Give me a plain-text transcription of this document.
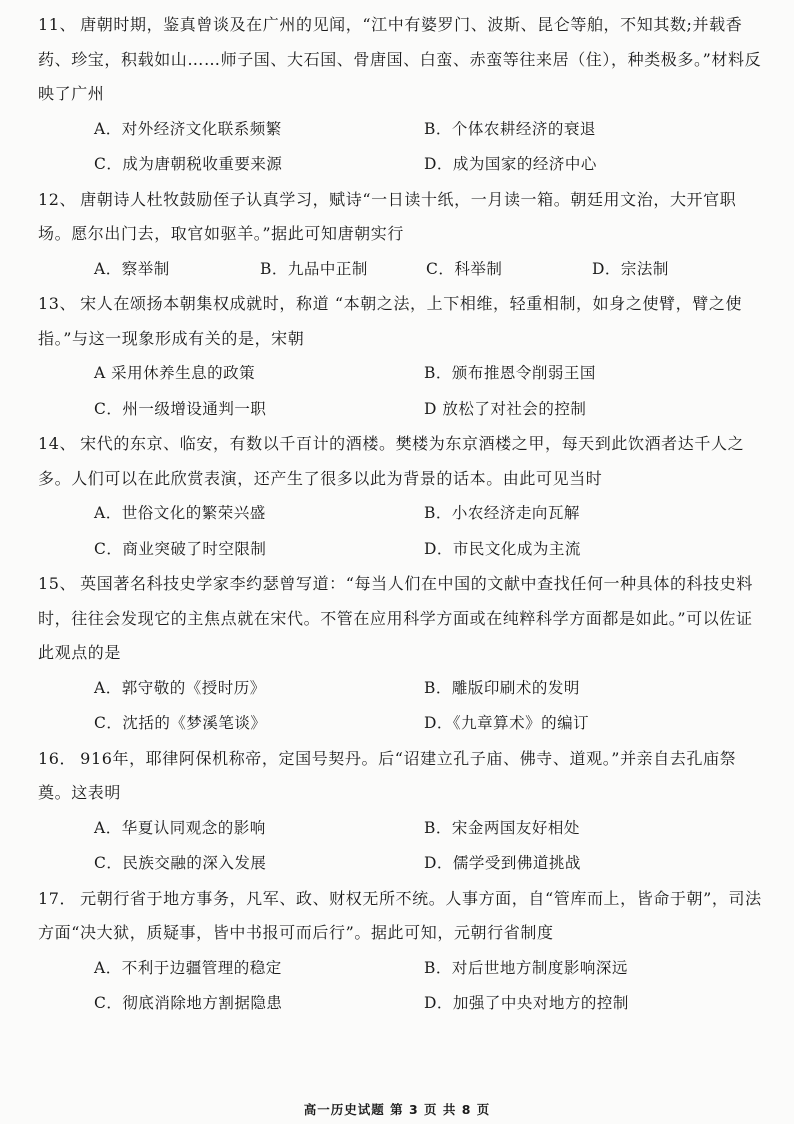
11、 唐朝时期，鉴真曾谈及在广州的见闻，“江中有婆罗门、波斯、昆仑等舶，不知其数;并载香药、珍宝，积载如山……师子国、大石国、骨唐国、白蛮、赤蛮等往来居（住），种类极多。”材料反映了广州

A．对外经济文化联系频繁	B．个体农耕经济的衰退
C．成为唐朝税收重要来源	D．成为国家的经济中心

12、 唐朝诗人杜牧鼓励侄子认真学习，赋诗“一日读十纸，一月读一箱。朝廷用文治，大开官职场。愿尔出门去，取官如驱羊。”据此可知唐朝实行

A．察举制	B．九品中正制	C．科举制	D．宗法制

13、 宋人在颂扬本朝集权成就时，称道 “本朝之法，上下相维，轻重相制，如身之使臂，臂之使指。”与这一现象形成有关的是，宋朝

A 采用休养生息的政策	B．颁布推恩令削弱王国
C．州一级增设通判一职	D 放松了对社会的控制

14、 宋代的东京、临安，有数以千百计的酒楼。樊楼为东京酒楼之甲，每天到此饮酒者达千人之多。人们可以在此欣赏表演，还产生了很多以此为背景的话本。由此可见当时

A．世俗文化的繁荣兴盛	B．小农经济走向瓦解
C．商业突破了时空限制	D．市民文化成为主流

15、 英国著名科技史学家李约瑟曾写道：“每当人们在中国的文献中查找任何一种具体的科技史料时，往往会发现它的主焦点就在宋代。不管在应用科学方面或在纯粹科学方面都是如此。”可以佐证此观点的是

A．郭守敬的《授时历》	B．雕版印刷术的发明
C．沈括的《梦溪笔谈》	D．《九章算术》的编订

16． 916年，耶律阿保机称帝，定国号契丹。后“诏建立孔子庙、佛寺、道观。”并亲自去孔庙祭奠。这表明

A．华夏认同观念的影响	B．宋金两国友好相处
C．民族交融的深入发展	D．儒学受到佛道挑战

17． 元朝行省于地方事务，凡军、政、财权无所不统。人事方面，自“管库而上，皆命于朝”，司法方面“决大狱，质疑事，皆中书报可而后行”。据此可知，元朝行省制度

A．不利于边疆管理的稳定	B．对后世地方制度影响深远
C．彻底消除地方割据隐患	D．加强了中央对地方的控制
高一历史试题 第 3 页 共 8 页
